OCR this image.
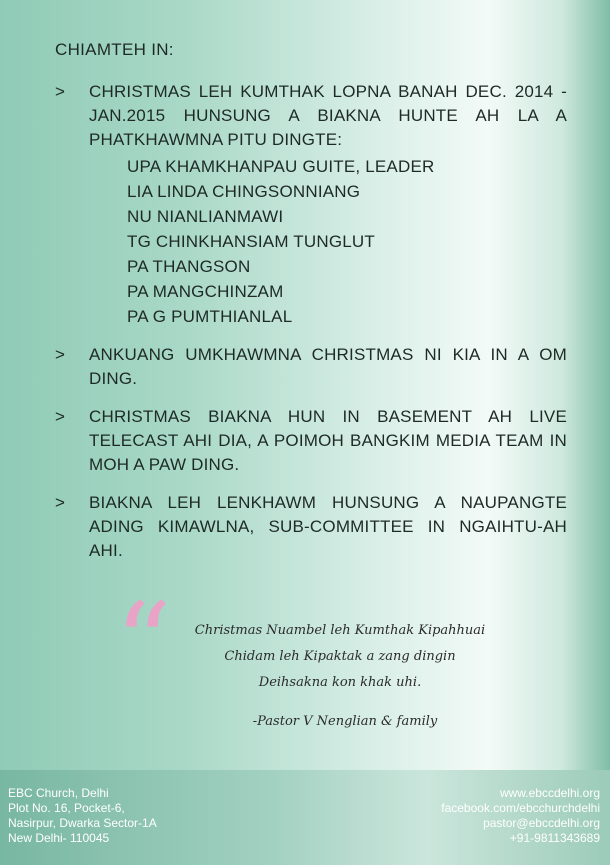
CHIAMTEH IN:
>	CHRISTMAS LEH KUMTHAK LOPNA BANAH DEC. 2014 - JAN.2015 HUNSUNG A BIAKNA HUNTE AH LA A PHATKHAWMNA PITU DINGTE:
UPA KHAMKHANPAU GUITE, LEADER
LIA LINDA CHINGSONNIANG
NU NIANLIANMAWI
TG CHINKHANSIAM TUNGLUT
PA THANGSON
PA MANGCHINZAM
PA G PUMTHIANLAL
>	ANKUANG UMKHAWMNA CHRISTMAS NI KIA IN A OM DING.
>	CHRISTMAS BIAKNA HUN IN BASEMENT AH LIVE TELECAST AHI DIA, A POIMOH BANGKIM MEDIA TEAM IN MOH A PAW DING.
>	BIAKNA LEH LENKHAWM HUNSUNG A NAUPANGTE ADING KIMAWLNA, SUB-COMMITTEE IN NGAIHTU-AH AHI.
“	Christmas Nuambel leh Kumthak Kipahhuai
Chidam leh Kipaktak a zang dingin
Deihsakna kon khak uhi.
-Pastor V Nenglian & family
EBC Church, Delhi
Plot No. 16, Pocket-6,
Nasirpur, Dwarka Sector-1A
New Delhi- 110045
www.ebccdelhi.org
facebook.com/ebcchurchdelhi
pastor@ebccdelhi.org
+91-9811343689
